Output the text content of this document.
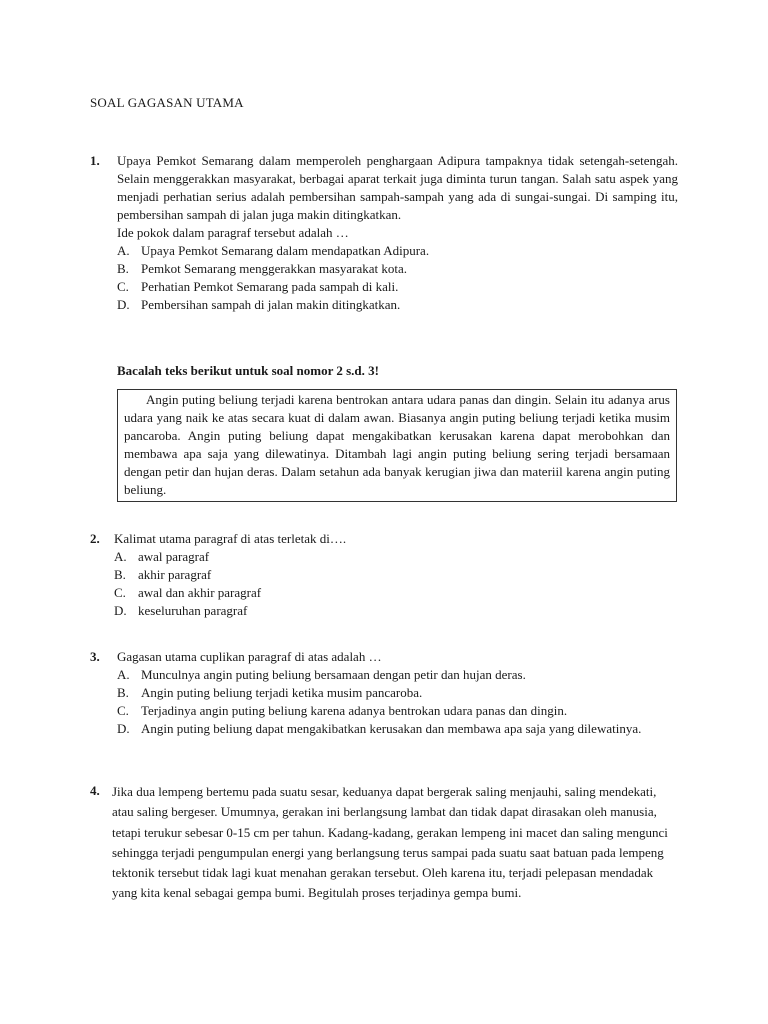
SOAL GAGASAN UTAMA
1. Upaya Pemkot Semarang dalam memperoleh penghargaan Adipura tampaknya tidak setengah-setengah. Selain menggerakkan masyarakat, berbagai aparat terkait juga diminta turun tangan. Salah satu aspek yang menjadi perhatian serius adalah pembersihan sampah-sampah yang ada di sungai-sungai. Di samping itu, pembersihan sampah di jalan juga makin ditingkatkan.
Ide pokok dalam paragraf tersebut adalah …
A. Upaya Pemkot Semarang dalam mendapatkan Adipura.
B. Pemkot Semarang menggerakkan masyarakat kota.
C. Perhatian Pemkot Semarang pada sampah di kali.
D. Pembersihan sampah di jalan makin ditingkatkan.
Bacalah teks berikut untuk soal nomor 2 s.d. 3!
Angin puting beliung terjadi karena bentrokan antara udara panas dan dingin. Selain itu adanya arus udara yang naik ke atas secara kuat di dalam awan. Biasanya angin puting beliung terjadi ketika musim pancaroba. Angin puting beliung dapat mengakibatkan kerusakan karena dapat merobohkan dan membawa apa saja yang dilewatinya. Ditambah lagi angin puting beliung sering terjadi bersamaan dengan petir dan hujan deras. Dalam setahun ada banyak kerugian jiwa dan materiil karena angin puting beliung.
2. Kalimat utama paragraf di atas terletak di….
A. awal paragraf
B. akhir paragraf
C. awal dan akhir paragraf
D. keseluruhan paragraf
3. Gagasan utama cuplikan paragraf di atas adalah …
A. Munculnya angin puting beliung bersamaan dengan petir dan hujan deras.
B. Angin puting beliung terjadi ketika musim pancaroba.
C. Terjadinya angin puting beliung karena adanya bentrokan udara panas dan dingin.
D. Angin puting beliung dapat mengakibatkan kerusakan dan membawa apa saja yang dilewatinya.
4. Jika dua lempeng bertemu pada suatu sesar, keduanya dapat bergerak saling menjauhi, saling mendekati, atau saling bergeser. Umumnya, gerakan ini berlangsung lambat dan tidak dapat dirasakan oleh manusia, tetapi terukur sebesar 0-15 cm per tahun. Kadang-kadang, gerakan lempeng ini macet dan saling mengunci sehingga terjadi pengumpulan energi yang berlangsung terus sampai pada suatu saat batuan pada lempeng tektonik tersebut tidak lagi kuat menahan gerakan tersebut. Oleh karena itu, terjadi pelepasan mendadak yang kita kenal sebagai gempa bumi. Begitulah proses terjadinya gempa bumi.
